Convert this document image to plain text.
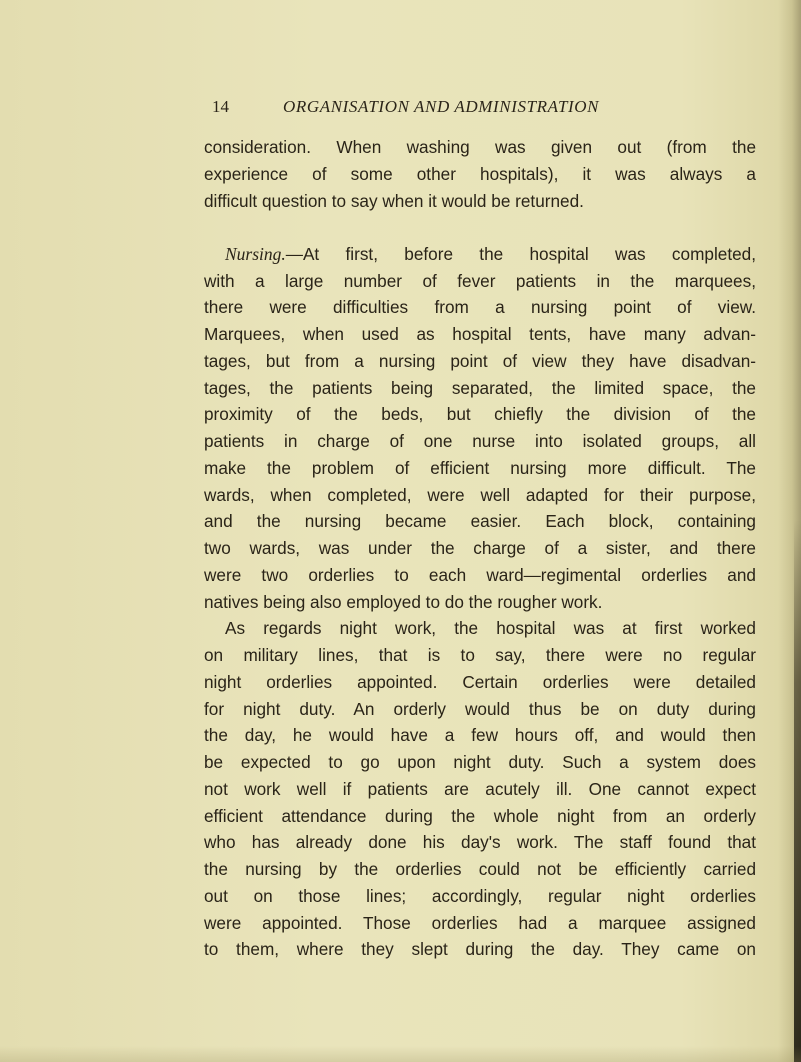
14	ORGANISATION AND ADMINISTRATION
consideration. When washing was given out (from the
experience of some other hospitals), it was always a
difficult question to say when it would be returned.
Nursing.—At first, before the hospital was completed,
with a large number of fever patients in the marquees,
there were difficulties from a nursing point of view.
Marquees, when used as hospital tents, have many advan-
tages, but from a nursing point of view they have disadvan-
tages, the patients being separated, the limited space, the
proximity of the beds, but chiefly the division of the
patients in charge of one nurse into isolated groups, all
make the problem of efficient nursing more difficult. The
wards, when completed, were well adapted for their purpose,
and the nursing became easier. Each block, containing
two wards, was under the charge of a sister, and there
were two orderlies to each ward—regimental orderlies and
natives being also employed to do the rougher work.
As regards night work, the hospital was at first worked
on military lines, that is to say, there were no regular
night orderlies appointed. Certain orderlies were detailed
for night duty. An orderly would thus be on duty during
the day, he would have a few hours off, and would then
be expected to go upon night duty. Such a system does
not work well if patients are acutely ill. One cannot expect
efficient attendance during the whole night from an orderly
who has already done his day's work. The staff found that
the nursing by the orderlies could not be efficiently carried
out on those lines; accordingly, regular night orderlies
were appointed. Those orderlies had a marquee assigned
to them, where they slept during the day. They came on
